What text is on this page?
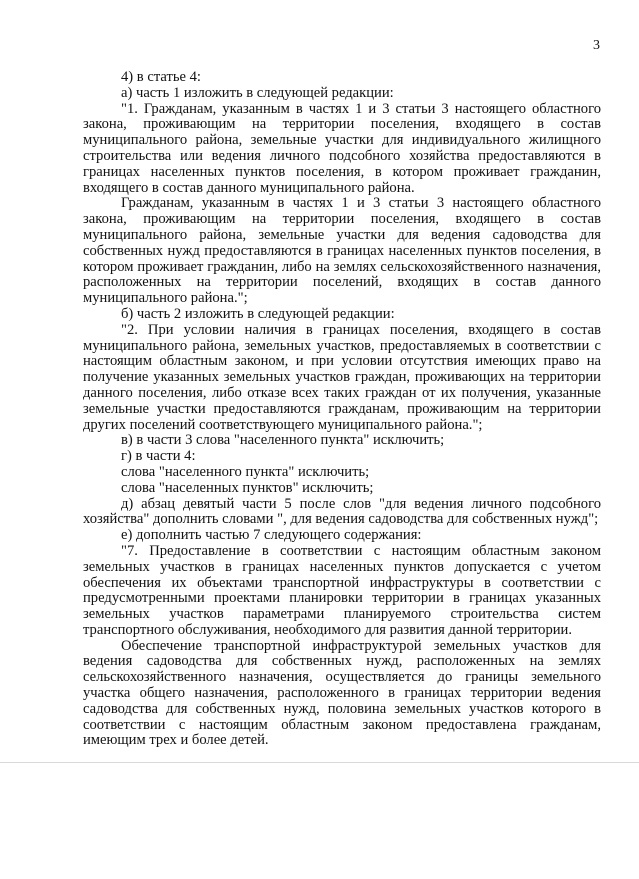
3

4) в статье 4:

а) часть 1 изложить в следующей редакции:

"1. Гражданам, указанным в частях 1 и 3 статьи 3 настоящего областного закона, проживающим на территории поселения, входящего в состав муниципального района, земельные участки для индивидуального жилищного строительства или ведения личного подсобного хозяйства предоставляются в границах населенных пунктов поселения, в котором проживает гражданин, входящего в состав данного муниципального района.

Гражданам, указанным в частях 1 и 3 статьи 3 настоящего областного закона, проживающим на территории поселения, входящего в состав муниципального района, земельные участки для ведения садоводства для собственных нужд предоставляются в границах населенных пунктов поселения, в котором проживает гражданин, либо на землях сельскохозяйственного назначения, расположенных на территории поселений, входящих в состав данного муниципального района.";

б) часть 2 изложить в следующей редакции:

"2. При условии наличия в границах поселения, входящего в состав муниципального района, земельных участков, предоставляемых в соответствии с настоящим областным законом, и при условии отсутствия имеющих право на получение указанных земельных участков граждан, проживающих на территории данного поселения, либо отказе всех таких граждан от их получения, указанные земельные участки предоставляются гражданам, проживающим на территории других поселений соответствующего муниципального района.";

в) в части 3 слова "населенного пункта" исключить;

г) в части 4:

слова "населенного пункта" исключить;

слова "населенных пунктов" исключить;

д) абзац девятый части 5 после слов "для ведения личного подсобного хозяйства" дополнить словами ", для ведения садоводства для собственных нужд";

е) дополнить частью 7 следующего содержания:

"7. Предоставление в соответствии с настоящим областным законом земельных участков в границах населенных пунктов допускается с учетом обеспечения их объектами транспортной инфраструктуры в соответствии с предусмотренными проектами планировки территории в границах указанных земельных участков параметрами планируемого строительства систем транспортного обслуживания, необходимого для развития данной территории.

Обеспечение транспортной инфраструктурой земельных участков для ведения садоводства для собственных нужд, расположенных на землях сельскохозяйственного назначения, осуществляется до границы земельного участка общего назначения, расположенного в границах территории ведения садоводства для собственных нужд, половина земельных участков которого в соответствии с настоящим областным законом предоставлена гражданам, имеющим трех и более детей.
